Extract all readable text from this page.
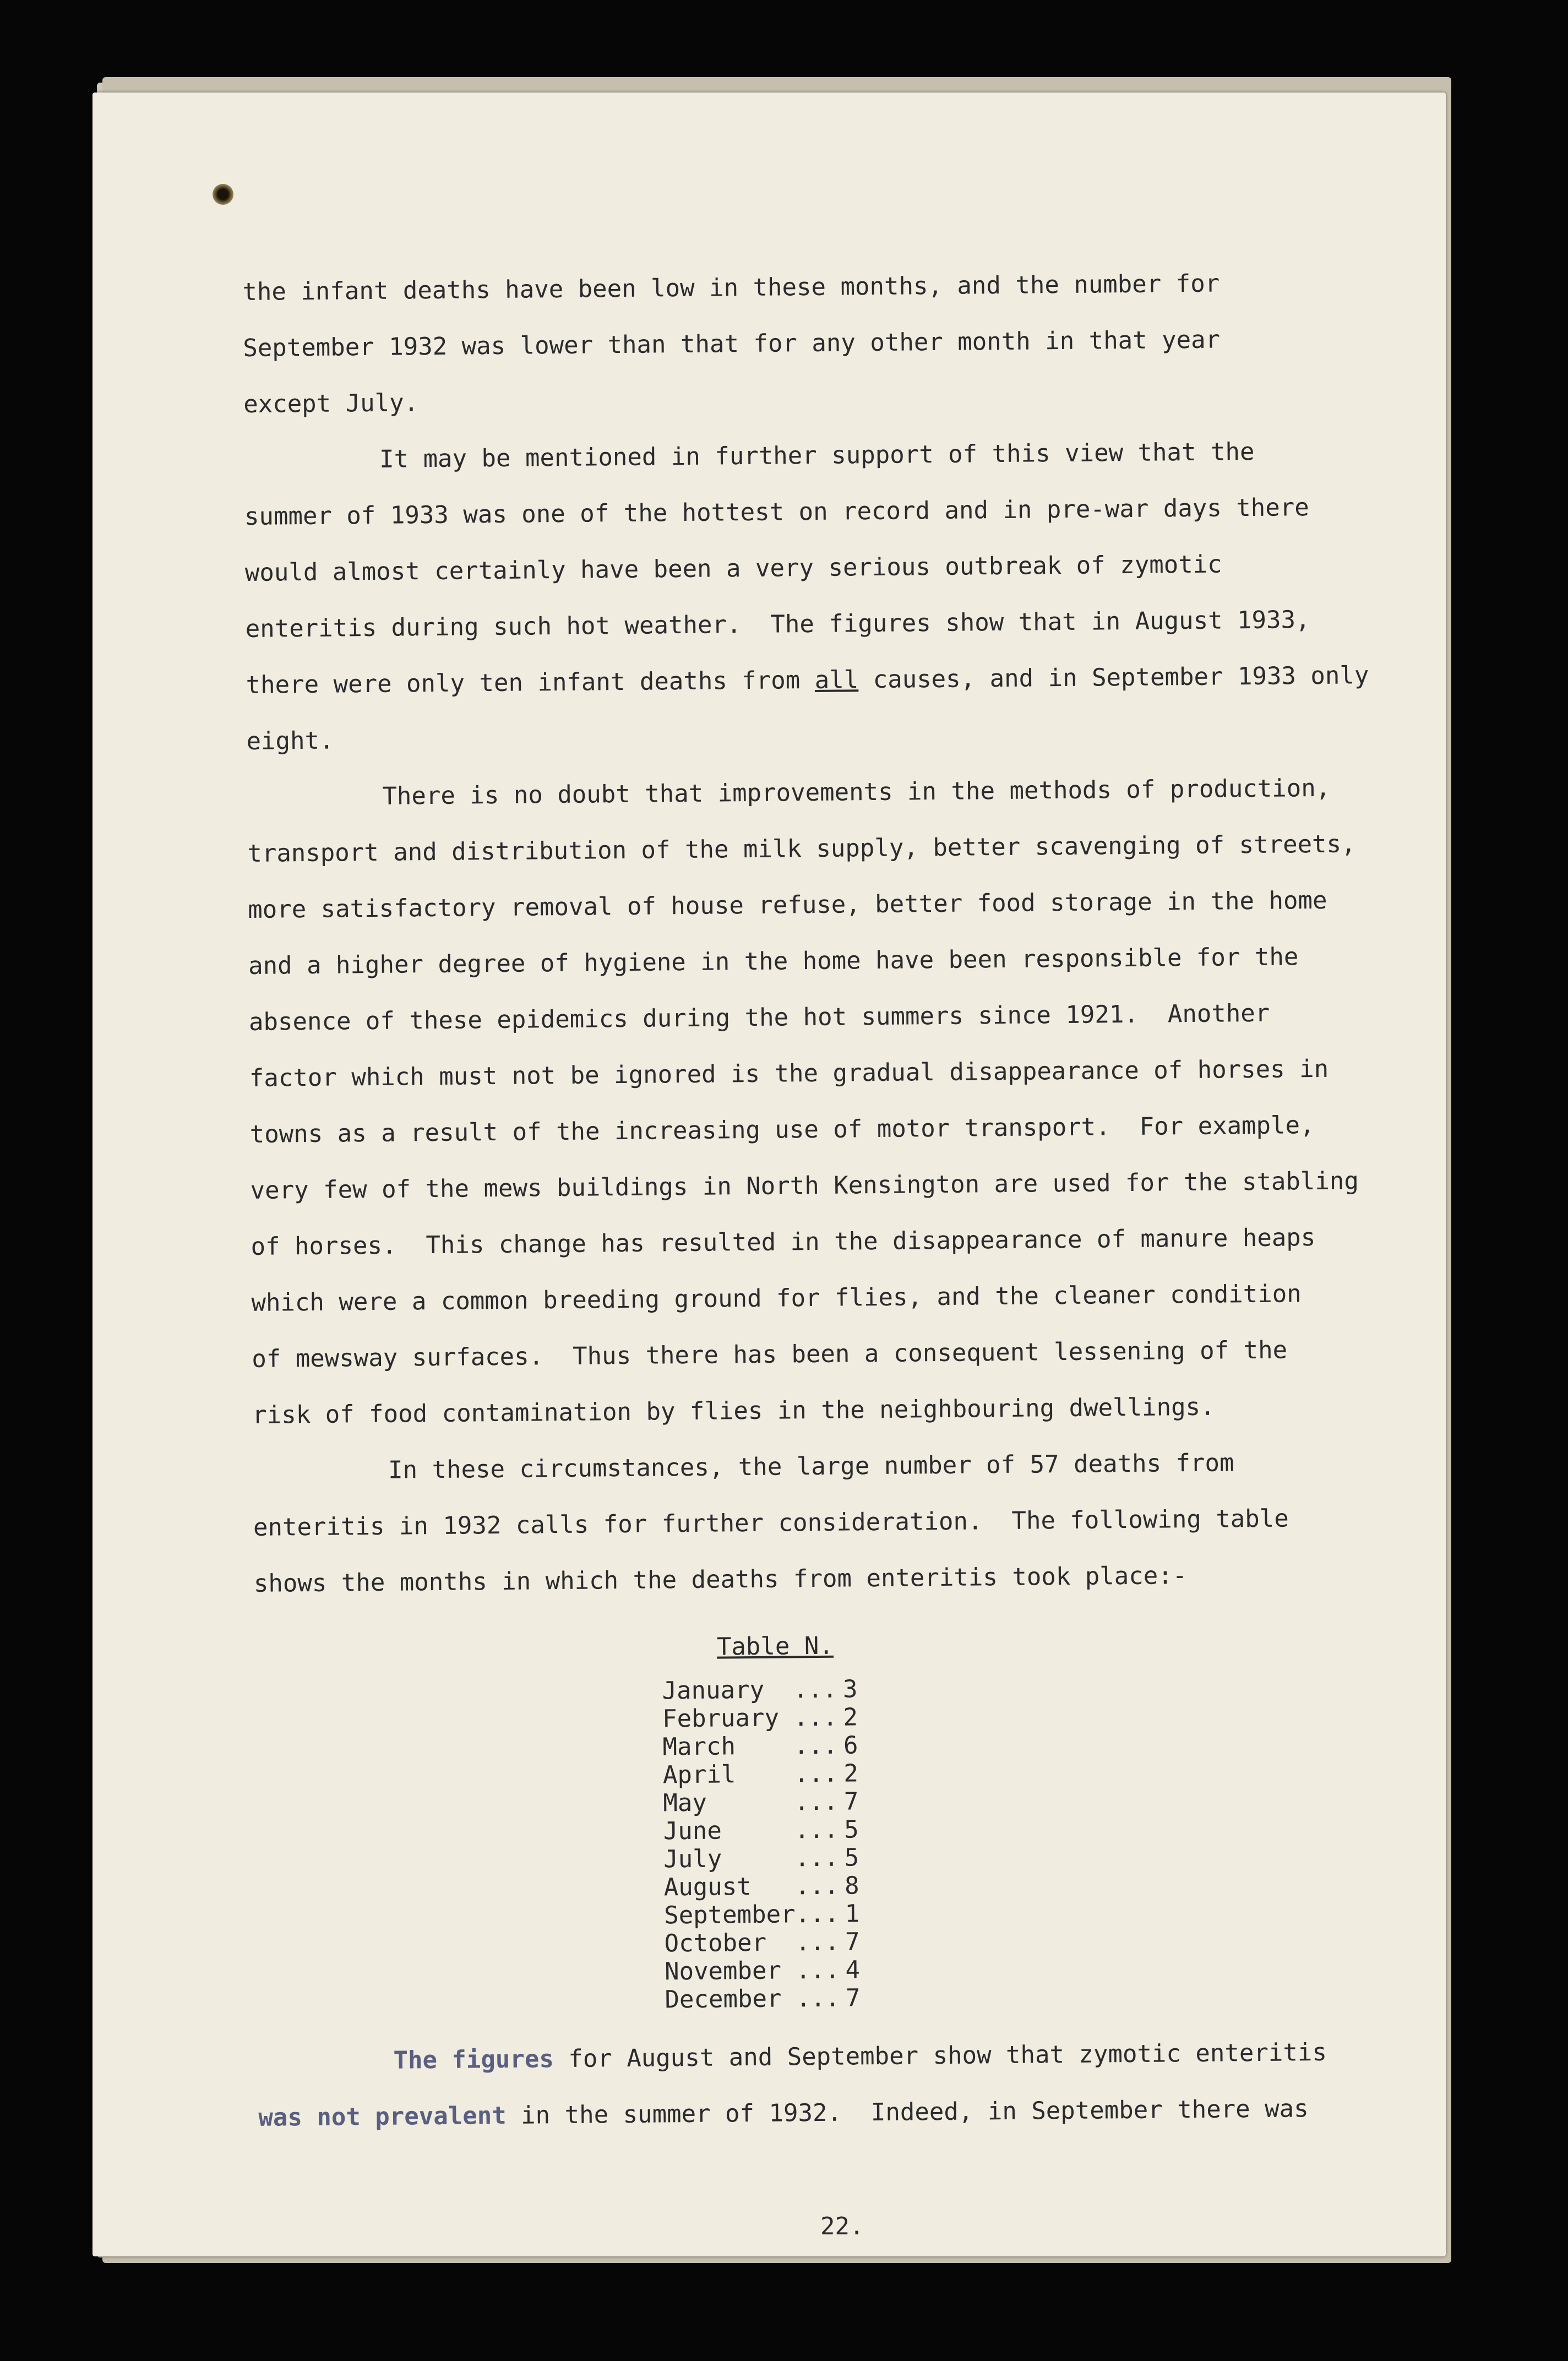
the infant deaths have been low in these months, and the number for
September 1932 was lower than that for any other month in that year
except July.
It may be mentioned in further support of this view that the
summer of 1933 was one of the hottest on record and in pre-war days there
would almost certainly have been a very serious outbreak of zymotic
enteritis during such hot weather.  The figures show that in August 1933,
there were only ten infant deaths from all causes, and in September 1933 only
eight.
There is no doubt that improvements in the methods of production,
transport and distribution of the milk supply, better scavenging of streets,
more satisfactory removal of house refuse, better food storage in the home
and a higher degree of hygiene in the home have been responsible for the
absence of these epidemics during the hot summers since 1921.  Another
factor which must not be ignored is the gradual disappearance of horses in
towns as a result of the increasing use of motor transport.  For example,
very few of the mews buildings in North Kensington are used for the stabling
of horses.  This change has resulted in the disappearance of manure heaps
which were a common breeding ground for flies, and the cleaner condition
of mewsway surfaces.  Thus there has been a consequent lessening of the
risk of food contamination by flies in the neighbouring dwellings.
In these circumstances, the large number of 57 deaths from
enteritis in 1932 calls for further consideration.  The following table
shows the months in which the deaths from enteritis took place:-
Table N.
January	...	3
February	...	2
March	...	6
April	...	2
May	...	7
June	...	5
July	...	5
August	...	8
September	...	1
October	...	7
November	...	4
December	...	7
The figures for August and September show that zymotic enteritis
was not prevalent in the summer of 1932.  Indeed, in September there was
22.
